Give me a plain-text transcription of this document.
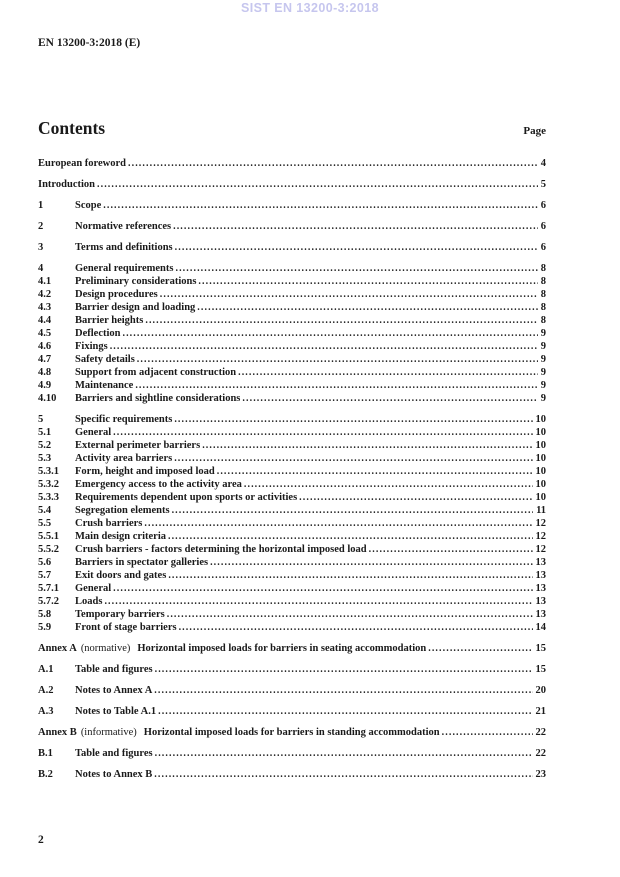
SIST EN 13200-3:2018
EN 13200-3:2018 (E)
Contents	Page
European foreword .....	4
Introduction .....	5
1	Scope .....	6
2	Normative references .....	6
3	Terms and definitions .....	6
4	General requirements .....	8
4.1	Preliminary considerations .....	8
4.2	Design procedures .....	8
4.3	Barrier design and loading .....	8
4.4	Barrier heights .....	8
4.5	Deflection .....	9
4.6	Fixings .....	9
4.7	Safety details .....	9
4.8	Support from adjacent construction .....	9
4.9	Maintenance .....	9
4.10	Barriers and sightline considerations .....	9
5	Specific requirements .....	10
5.1	General .....	10
5.2	External perimeter barriers .....	10
5.3	Activity area barriers .....	10
5.3.1	Form, height and imposed load .....	10
5.3.2	Emergency access to the activity area .....	10
5.3.3	Requirements dependent upon sports or activities .....	10
5.4	Segregation elements .....	11
5.5	Crush barriers .....	12
5.5.1	Main design criteria .....	12
5.5.2	Crush barriers - factors determining the horizontal imposed load .....	12
5.6	Barriers in spectator galleries .....	13
5.7	Exit doors and gates .....	13
5.7.1	General .....	13
5.7.2	Loads .....	13
5.8	Temporary barriers .....	13
5.9	Front of stage barriers .....	14
Annex A (normative) Horizontal imposed loads for barriers in seating accommodation .....	15
A.1	Table and figures .....	15
A.2	Notes to Annex A .....	20
A.3	Notes to Table A.1 .....	21
Annex B (informative) Horizontal imposed loads for barriers in standing accommodation .....	22
B.1	Table and figures .....	22
B.2	Notes to Annex B .....	23
2
